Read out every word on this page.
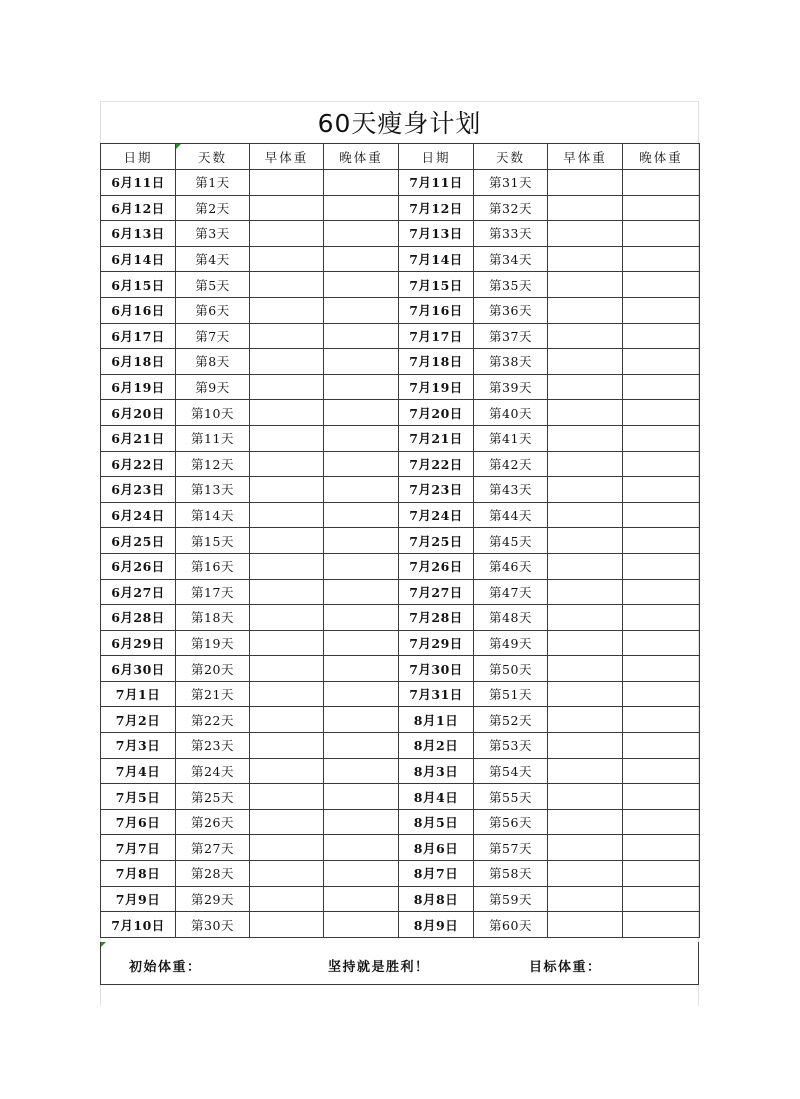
60天瘦身计划
日期	天数	早体重	晚体重	日期	天数	早体重	晚体重
6月11日	第1天			7月11日	第31天		
6月12日	第2天			7月12日	第32天		
6月13日	第3天			7月13日	第33天		
6月14日	第4天			7月14日	第34天		
6月15日	第5天			7月15日	第35天		
6月16日	第6天			7月16日	第36天		
6月17日	第7天			7月17日	第37天		
6月18日	第8天			7月18日	第38天		
6月19日	第9天			7月19日	第39天		
6月20日	第10天			7月20日	第40天		
6月21日	第11天			7月21日	第41天		
6月22日	第12天			7月22日	第42天		
6月23日	第13天			7月23日	第43天		
6月24日	第14天			7月24日	第44天		
6月25日	第15天			7月25日	第45天		
6月26日	第16天			7月26日	第46天		
6月27日	第17天			7月27日	第47天		
6月28日	第18天			7月28日	第48天		
6月29日	第19天			7月29日	第49天		
6月30日	第20天			7月30日	第50天		
7月1日	第21天			7月31日	第51天		
7月2日	第22天			8月1日	第52天		
7月3日	第23天			8月2日	第53天		
7月4日	第24天			8月3日	第54天		
7月5日	第25天			8月4日	第55天		
7月6日	第26天			8月5日	第56天		
7月7日	第27天			8月6日	第57天		
7月8日	第28天			8月7日	第58天		
7月9日	第29天			8月8日	第59天		
7月10日	第30天			8月9日	第60天		
初始体重：	坚持就是胜利！	目标体重：
